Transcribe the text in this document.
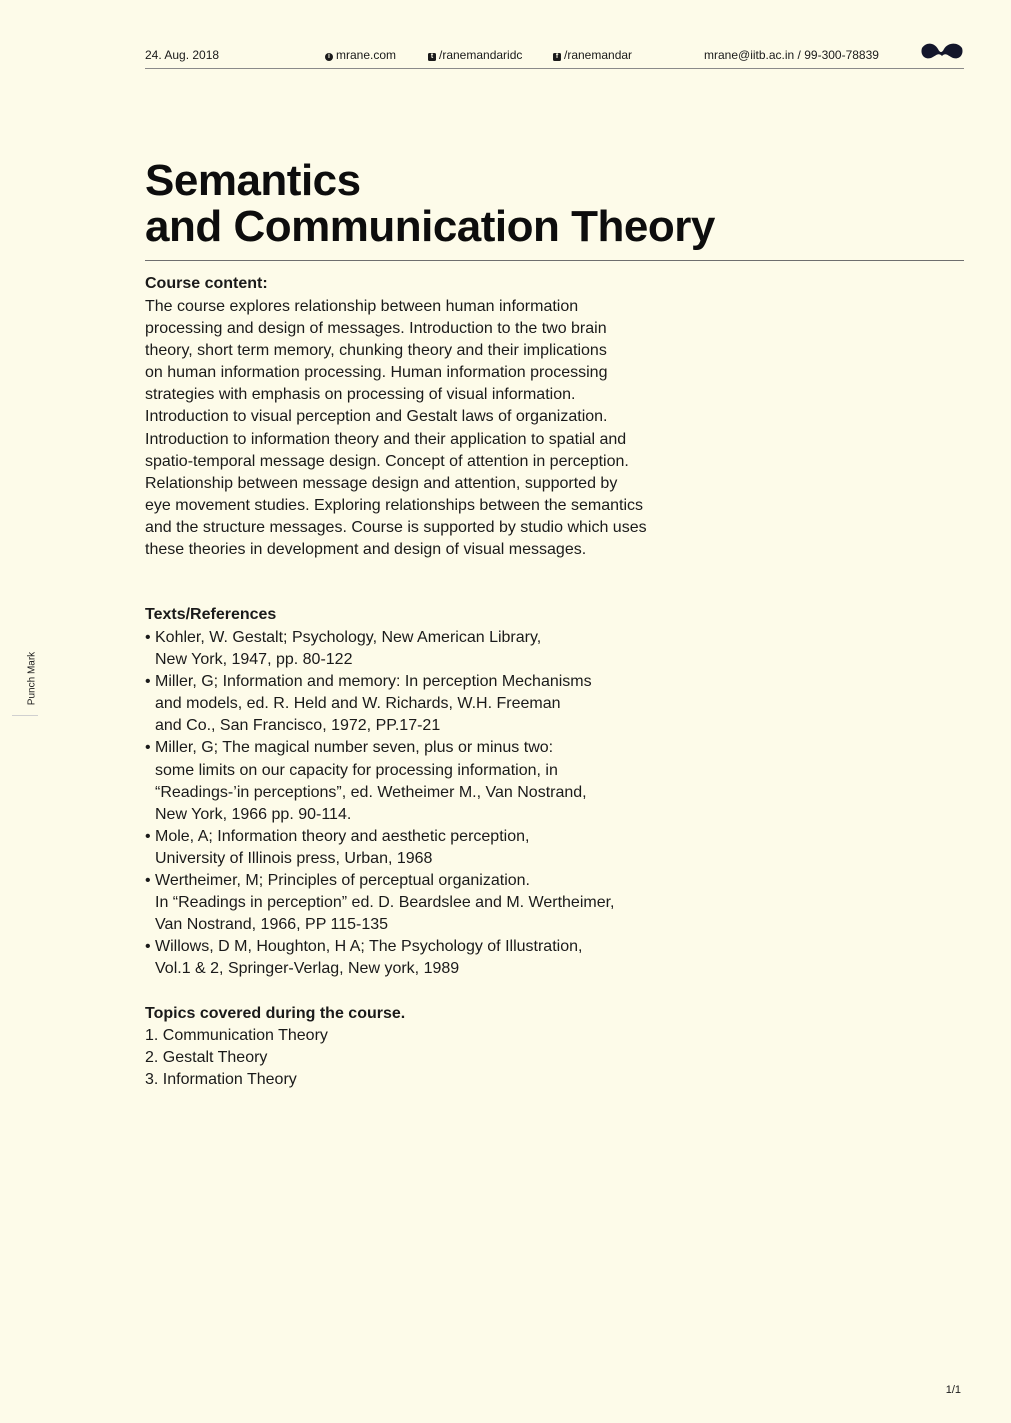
24. Aug. 2018	i mrane.com	t /ranemandaridc	f /ranemandar	mrane@iitb.ac.in / 99-300-78839
Semantics
and Communication Theory
Course content:

The course explores relationship between human information
processing and design of messages. Introduction to the two brain
theory, short term memory, chunking theory and their implications
on human information processing. Human information processing
strategies with emphasis on processing of visual information.
Introduction to visual perception and Gestalt laws of organization.
Introduction to information theory and their application to spatial and
spatio-temporal message design. Concept of attention in perception.
Relationship between message design and attention, supported by
eye movement studies. Exploring relationships between the semantics
and the structure messages. Course is supported by studio which uses
these theories in development and design of visual messages.

Texts/References
• Kohler, W. Gestalt; Psychology, New American Library,
New York, 1947, pp. 80-122
• Miller, G; Information and memory: In perception Mechanisms
and models, ed. R. Held and W. Richards, W.H. Freeman
and Co., San Francisco, 1972, PP.17-21
• Miller, G; The magical number seven, plus or minus two:
some limits on our capacity for processing information, in
“Readings-’in perceptions”, ed. Wetheimer M., Van Nostrand,
New York, 1966 pp. 90-114.
• Mole, A; Information theory and aesthetic perception,
University of Illinois press, Urban, 1968
• Wertheimer, M; Principles of perceptual organization.
In “Readings in perception” ed. D. Beardslee and M. Wertheimer,
Van Nostrand, 1966, PP 115-135
• Willows, D M, Houghton, H A; The Psychology of Illustration,
Vol.1 & 2, Springer-Verlag, New york, 1989
Topics covered during the course.
1. Communication Theory
2. Gestalt Theory
3. Information Theory
Punch Mark
1/1
